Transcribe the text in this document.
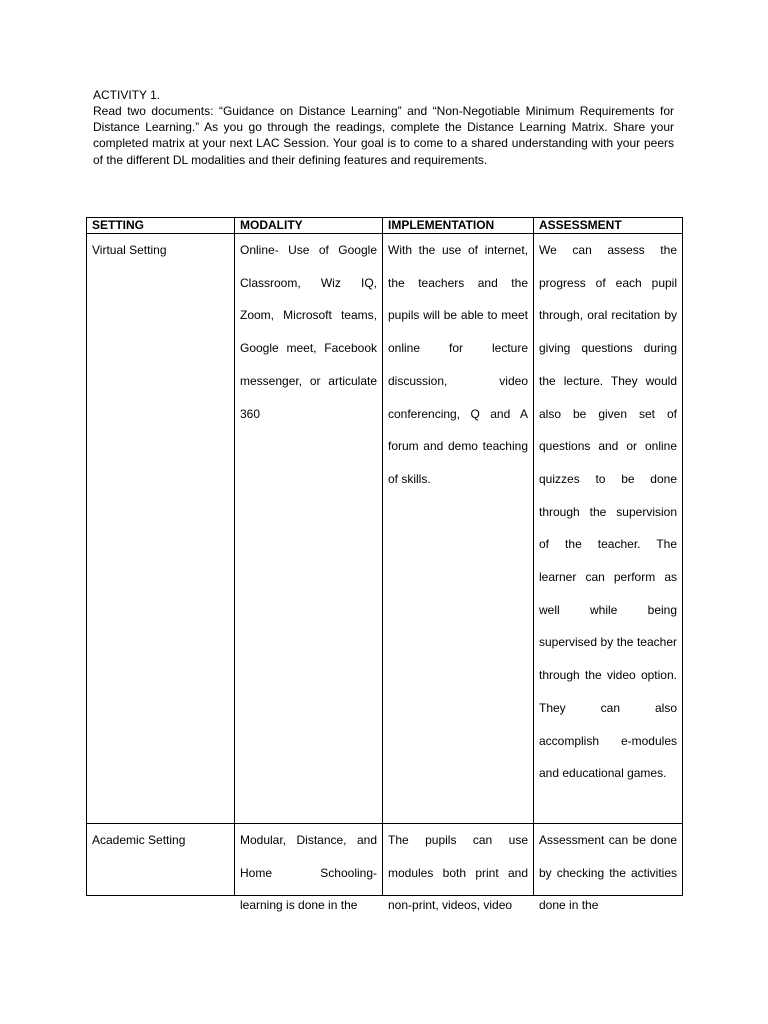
ACTIVITY 1.
Read two documents: “Guidance on Distance Learning” and “Non-Negotiable Minimum Requirements for Distance Learning.” As you go through the readings, complete the Distance Learning Matrix. Share your completed matrix at your next LAC Session. Your goal is to come to a shared understanding with your peers of the different DL modalities and their defining features and requirements.
SETTING	MODALITY	IMPLEMENTATION	ASSESSMENT

Virtual Setting	Online- Use of Google Classroom, Wiz IQ, Zoom, Microsoft teams, Google meet, Facebook messenger, or articulate 360	With the use of internet, the teachers and the pupils will be able to meet online for lecture discussion, video conferencing, Q and A forum and demo teaching of skills.	We can assess the progress of each pupil through, oral recitation by giving questions during the lecture. They would also be given set of questions and or online quizzes to be done through the supervision of the teacher. The learner can perform as well while being supervised by the teacher through the video option. They can also accomplish e-modules and educational games.

Academic Setting	Modular, Distance, and Home Schooling- learning is done in the	The pupils can use modules both print and non-print, videos, video	Assessment can be done by checking the activities done in the
